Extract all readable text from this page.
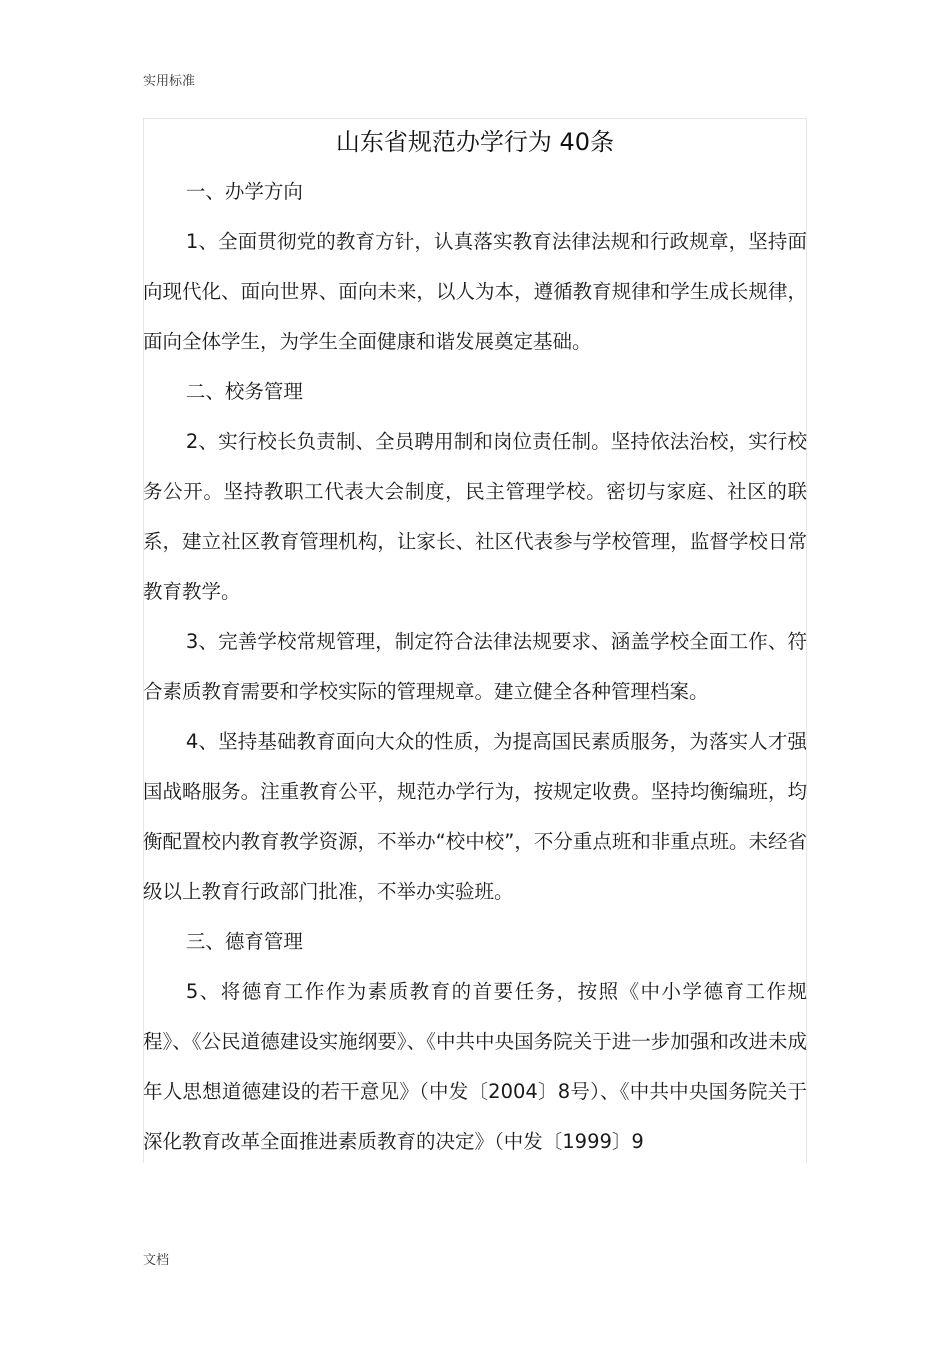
实用标准
山东省规范办学行为 40条

一、办学方向

1、全面贯彻党的教育方针，认真落实教育法律法规和行政规章，坚持面向现代化、面向世界、面向未来，以人为本，遵循教育规律和学生成长规律，面向全体学生，为学生全面健康和谐发展奠定基础。

二、校务管理

2、实行校长负责制、全员聘用制和岗位责任制。坚持依法治校，实行校务公开。坚持教职工代表大会制度，民主管理学校。密切与家庭、社区的联系，建立社区教育管理机构，让家长、社区代表参与学校管理，监督学校日常教育教学。

3、完善学校常规管理，制定符合法律法规要求、涵盖学校全面工作、符合素质教育需要和学校实际的管理规章。建立健全各种管理档案。

4、坚持基础教育面向大众的性质，为提高国民素质服务，为落实人才强国战略服务。注重教育公平，规范办学行为，按规定收费。坚持均衡编班，均衡配置校内教育教学资源，不举办“校中校”，不分重点班和非重点班。未经省级以上教育行政部门批准，不举办实验班。

三、德育管理

5、将德育工作作为素质教育的首要任务，按照《中小学德育工作规程》、《公民道德建设实施纲要》、《中共中央国务院关于进一步加强和改进未成年人思想道德建设的若干意见》（中发〔2004〕8号）、《中共中央国务院关于深化教育改革全面推进素质教育的决定》（中发〔1999〕9

文档
